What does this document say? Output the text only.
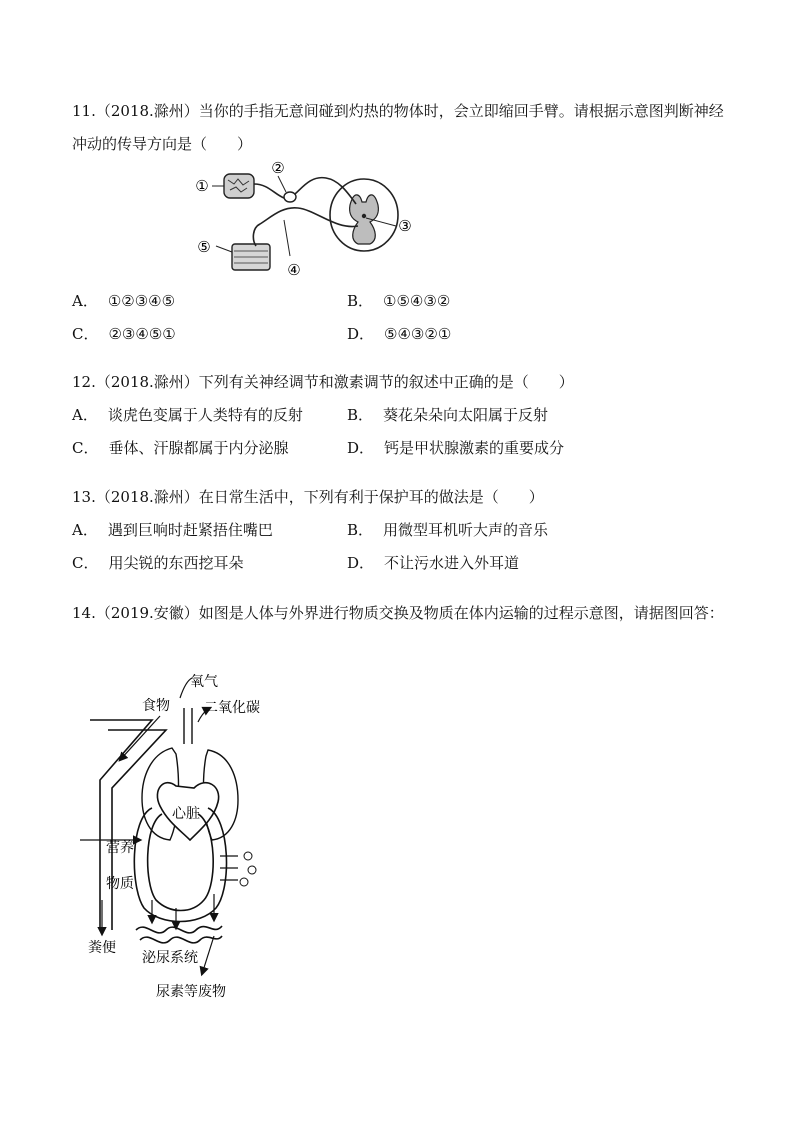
11.（2018.滁州）当你的手指无意间碰到灼热的物体时，会立即缩回手臂。请根据示意图判断神经冲动的传导方向是（　　）

①
②
③
④
⑤
A． ①②③④⑤	B． ①⑤④③②
C． ②③④⑤①	D． ⑤④③②①

12.（2018.滁州）下列有关神经调节和激素调节的叙述中正确的是（　　）

A． 谈虎色变属于人类特有的反射	B． 葵花朵朵向太阳属于反射
C． 垂体、汗腺都属于内分泌腺	D． 钙是甲状腺激素的重要成分

13.（2018.滁州）在日常生活中，下列有利于保护耳的做法是（　　）

A． 遇到巨响时赶紧捂住嘴巴	B． 用微型耳机听大声的音乐
C． 用尖锐的东西挖耳朵	D． 不让污水进入外耳道

14.（2019.安徽）如图是人体与外界进行物质交换及物质在体内运输的过程示意图，请据图回答：

氧气
食物 二氧化碳
心脏
营养
物质
粪便
泌尿系统
尿素等废物
